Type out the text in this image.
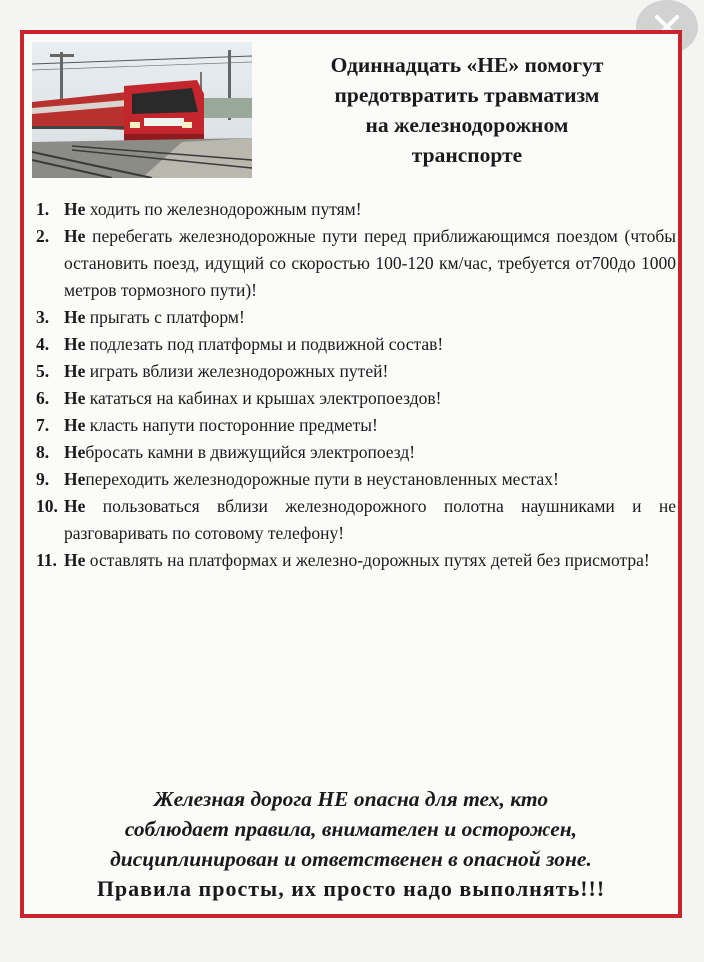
Одиннадцать «НЕ» помогут
предотвратить травматизм
на железнодорожном
транспорте
1. Не ходить по железнодорожным путям!
2. Не перебегать железнодорожные пути перед приближающимся поездом (чтобы остановить поезд, идущий со скоростью 100-120 км/час, требуется от700до 1000 метров тормозного пути)!
3. Не прыгать с платформ!
4. Не подлезать под платформы и подвижной состав!
5. Не играть вблизи железнодорожных путей!
6. Не кататься на кабинах и крышах электропоездов!
7. Не класть напути посторонние предметы!
8. Небросать камни в движущийся электропоезд!
9. Непереходить железнодорожные пути в неустановленных местах!
10. Не пользоваться вблизи железнодорожного полотна наушниками и не разговаривать по сотовому телефону!
11. Не оставлять на платформах и железно-дорожных путях детей без присмотра!
Железная дорога НЕ опасна для тех, кто
соблюдает правила, внимателен и осторожен,
дисциплинирован и ответственен в опасной зоне.
Правила просты, их просто надо выполнять!!!
